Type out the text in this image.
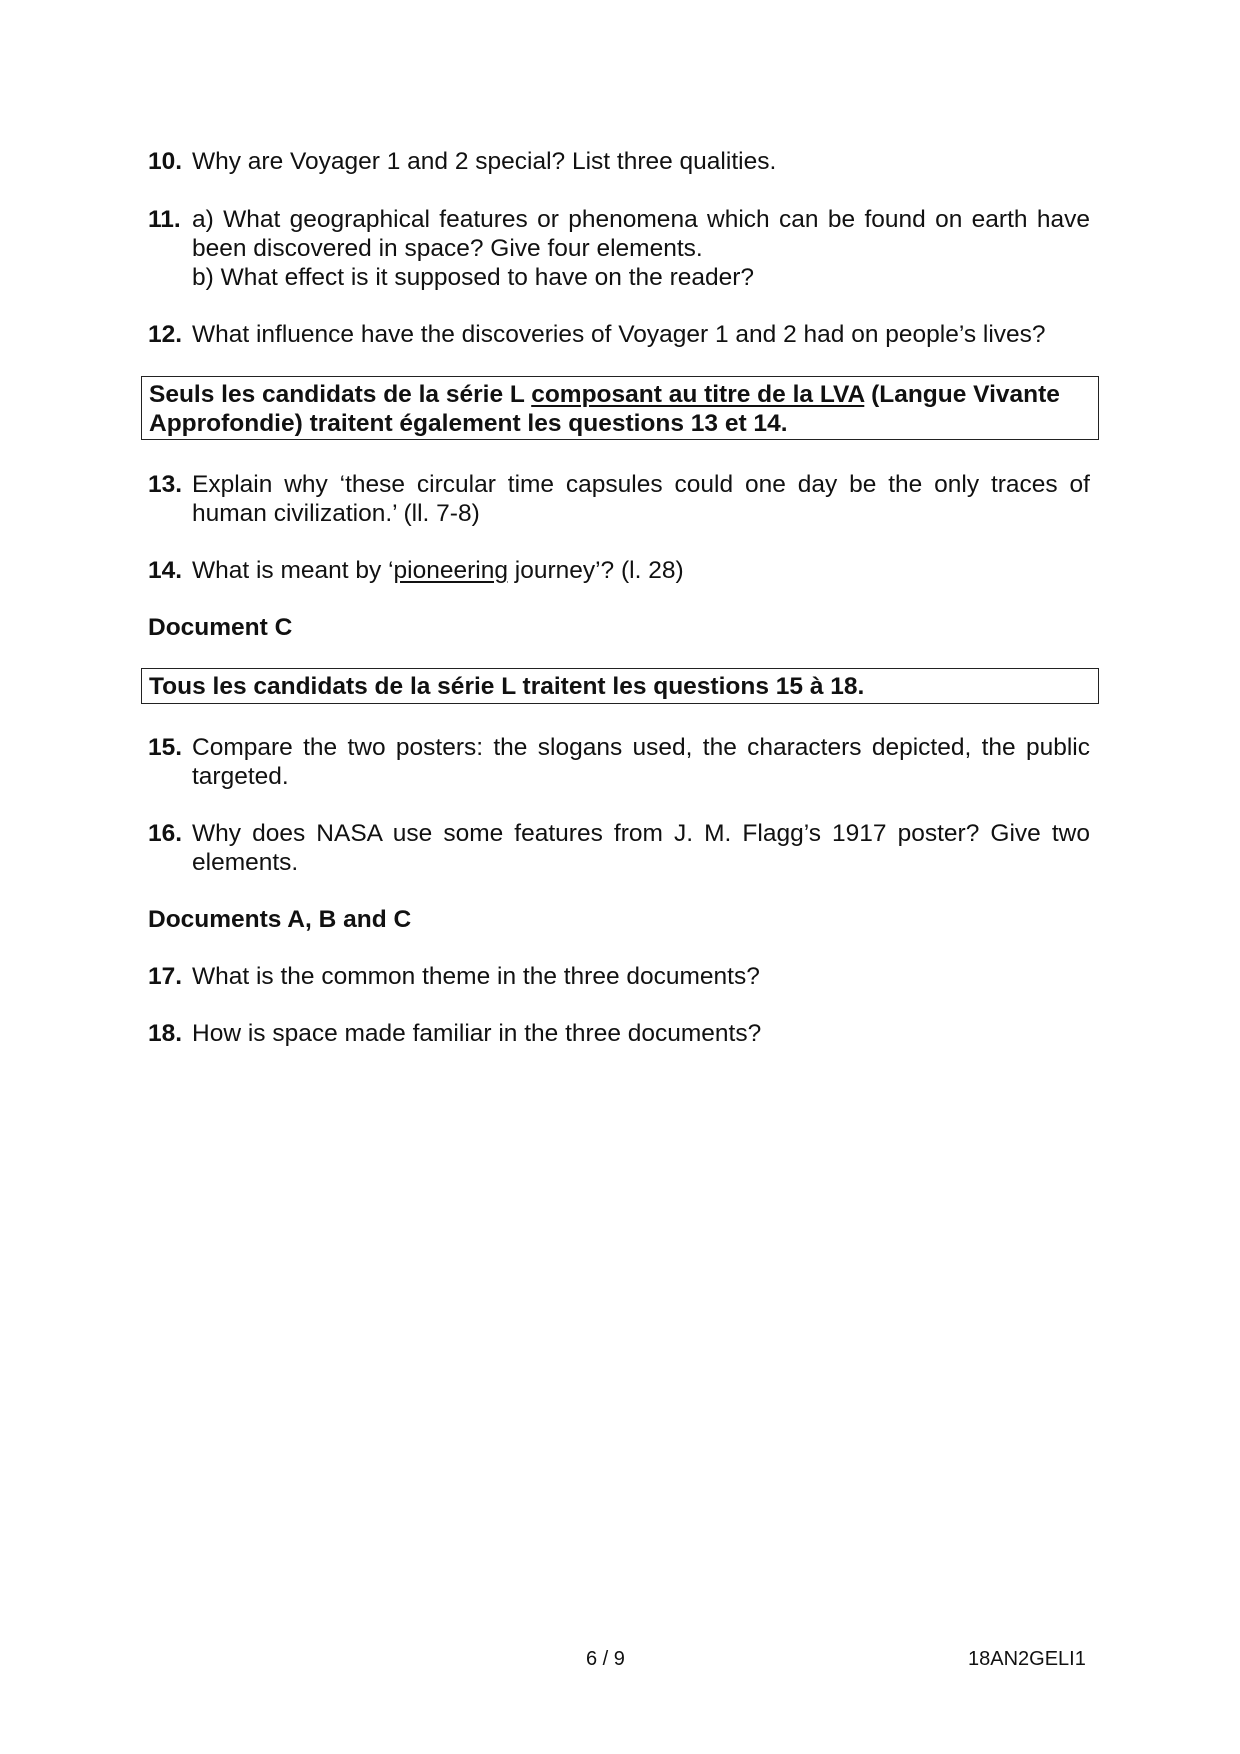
10. Why are Voyager 1 and 2 special? List three qualities.
11. a) What geographical features or phenomena which can be found on earth have
been discovered in space? Give four elements.
b) What effect is it supposed to have on the reader?
12. What influence have the discoveries of Voyager 1 and 2 had on people’s lives?
Seuls les candidats de la série L composant au titre de la LVA (Langue Vivante
Approfondie) traitent également les questions 13 et 14.
13. Explain why ‘these circular time capsules could one day be the only traces of
human civilization.’ (ll. 7-8)
14. What is meant by ‘pioneering journey’? (l. 28)
Document C
Tous les candidats de la série L traitent les questions 15 à 18.
15. Compare the two posters: the slogans used, the characters depicted, the public
targeted.
16. Why does NASA use some features from J. M. Flagg’s 1917 poster? Give two
elements.
Documents A, B and C
17. What is the common theme in the three documents?
18. How is space made familiar in the three documents?
6 / 9	18AN2GELI1
